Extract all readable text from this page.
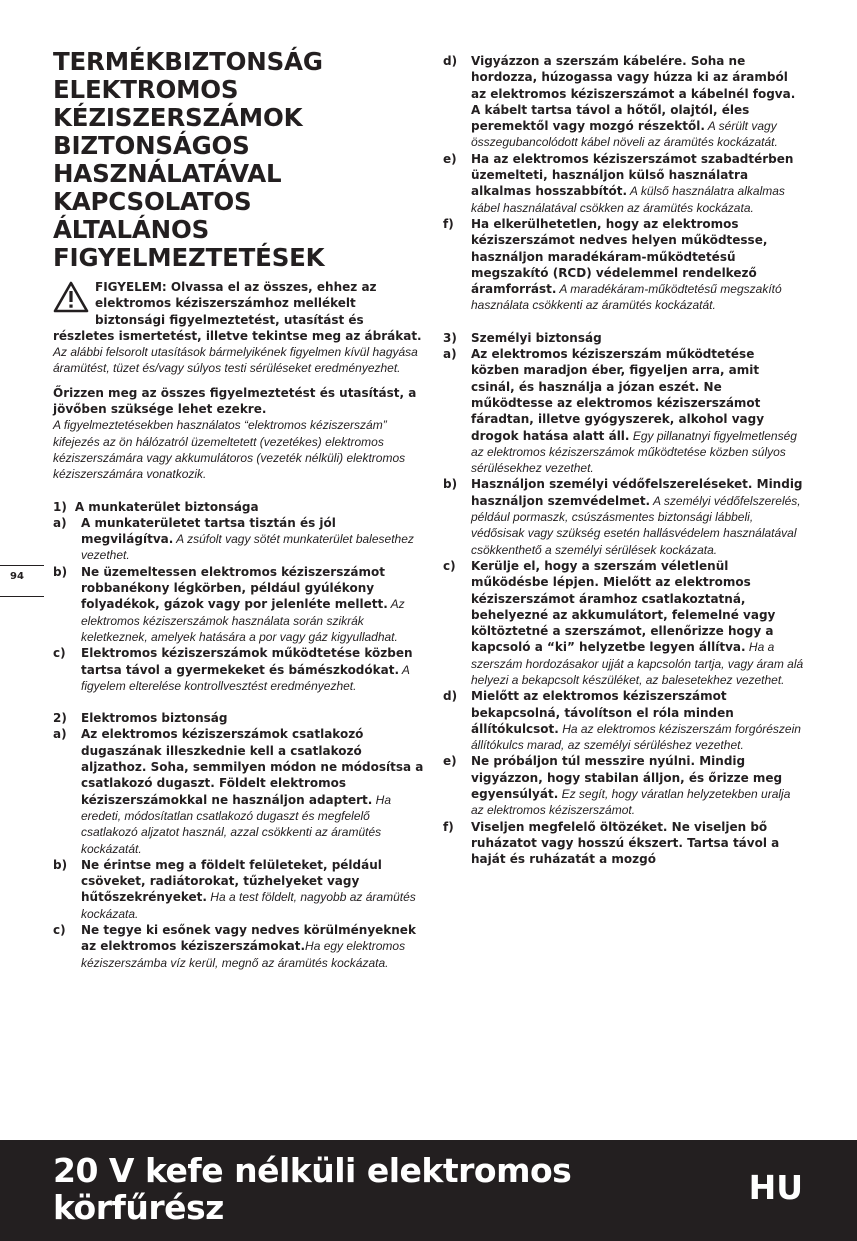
94
TERMÉKBIZTONSÁG
ELEKTROMOS
KÉZISZERSZÁMOK
BIZTONSÁGOS
HASZNÁLATÁVAL
KAPCSOLATOS
ÁLTALÁNOS
FIGYELMEZTETÉSEK

FIGYELEM: Olvassa el az összes, ehhez az elektromos kéziszerszámhoz mellékelt biztonsági figyelmeztetést, utasítást és részletes ismertetést, illetve tekintse meg az ábrákat. Az alábbi felsorolt utasítások bármelyikének figyelmen kívül hagyása áramütést, tüzet és/vagy súlyos testi sérüléseket eredményezhet.

Őrizzen meg az összes figyelmeztetést és utasítást, a jövőben szüksége lehet ezekre.

A figyelmeztetésekben használatos “elektromos kéziszerszám” kifejezés az ön hálózatról üzemeltetett (vezetékes) elektromos kéziszerszámára vagy akkumulátoros (vezeték nélküli) elektromos kéziszerszámára vonatkozik.

1) A munkaterület biztonsága
a)	A munkaterületet tartsa tisztán és jól megvilágítva. A zsúfolt vagy sötét munkaterület balesethez vezethet.
b)	Ne üzemeltessen elektromos kéziszerszámot robbanékony légkörben, például gyúlékony folyadékok, gázok vagy por jelenléte mellett. Az elektromos kéziszerszámok használata során szikrák keletkeznek, amelyek hatására a por vagy gáz kigyulladhat.
c)	Elektromos kéziszerszámok működtetése közben tartsa távol a gyermekeket és bámészkodókat. A figyelem elterelése kontrollvesztést eredményezhet.
2)	Elektromos biztonság
a)	Az elektromos kéziszerszámok csatlakozó dugaszának illeszkednie kell a csatlakozó aljzathoz. Soha, semmilyen módon ne módosítsa a csatlakozó dugaszt. Földelt elektromos kéziszerszámokkal ne használjon adaptert. Ha eredeti, módosítatlan csatlakozó dugaszt és megfelelő csatlakozó aljzatot használ, azzal csökkenti az áramütés kockázatát.
b)	Ne érintse meg a földelt felületeket, például csöveket, radiátorokat, tűzhelyeket vagy hűtőszekrényeket. Ha a test földelt, nagyobb az áramütés kockázata.
c)	Ne tegye ki esőnek vagy nedves körülményeknek az elektromos kéziszerszámokat.Ha egy elektromos kéziszerszámba víz kerül, megnő az áramütés kockázata.
d)	Vigyázzon a szerszám kábelére. Soha ne hordozza, húzogassa vagy húzza ki az áramból az elektromos kéziszerszámot a kábelnél fogva. A kábelt tartsa távol a hőtől, olajtól, éles peremektől vagy mozgó részektől. A sérült vagy összegubancolódott kábel növeli az áramütés kockázatát.
e)	Ha az elektromos kéziszerszámot szabadtérben üzemelteti, használjon külső használatra alkalmas hosszabbítót. A külső használatra alkalmas kábel használatával csökken az áramütés kockázata.
f)	Ha elkerülhetetlen, hogy az elektromos kéziszerszámot nedves helyen működtesse, használjon maradékáram-működtetésű megszakító (RCD) védelemmel rendelkező áramforrást. A maradékáram-működtetésű megszakító használata csökkenti az áramütés kockázatát.
3)	Személyi biztonság
a)	Az elektromos kéziszerszám működtetése közben maradjon éber, figyeljen arra, amit csinál, és használja a józan eszét. Ne működtesse az elektromos kéziszerszámot fáradtan, illetve gyógyszerek, alkohol vagy drogok hatása alatt áll. Egy pillanatnyi figyelmetlenség az elektromos kéziszerszámok működtetése közben súlyos sérülésekhez vezethet.
b)	Használjon személyi védőfelszereléseket. Mindig használjon szemvédelmet. A személyi védőfelszerelés, például pormaszk, csúszásmentes biztonsági lábbeli, védősisak vagy szükség esetén hallásvédelem használatával csökkenthető a személyi sérülések kockázata.
c)	Kerülje el, hogy a szerszám véletlenül működésbe lépjen. Mielőtt az elektromos kéziszerszámot áramhoz csatlakoztatná, behelyezné az akkumulátort, felemelné vagy költöztetné a szerszámot, ellenőrizze hogy a kapcsoló a “ki” helyzetbe legyen állítva. Ha a szerszám hordozásakor ujját a kapcsolón tartja, vagy áram alá helyezi a bekapcsolt készüléket, az balesetekhez vezethet.
d)	Mielőtt az elektromos kéziszerszámot bekapcsolná, távolítson el róla minden állítókulcsot. Ha az elektromos kéziszerszám forgórészein állítókulcs marad, az személyi sérüléshez vezethet.
e)	Ne próbáljon túl messzire nyúlni. Mindig vigyázzon, hogy stabilan álljon, és őrizze meg egyensúlyát. Ez segít, hogy váratlan helyzetekben uralja az elektromos kéziszerszámot.
f)	Viseljen megfelelő öltözéket. Ne viseljen bő ruházatot vagy hosszú ékszert. Tartsa távol a haját és ruházatát a mozgó
20 V kefe nélküli elektromos
körfűrész
HU
